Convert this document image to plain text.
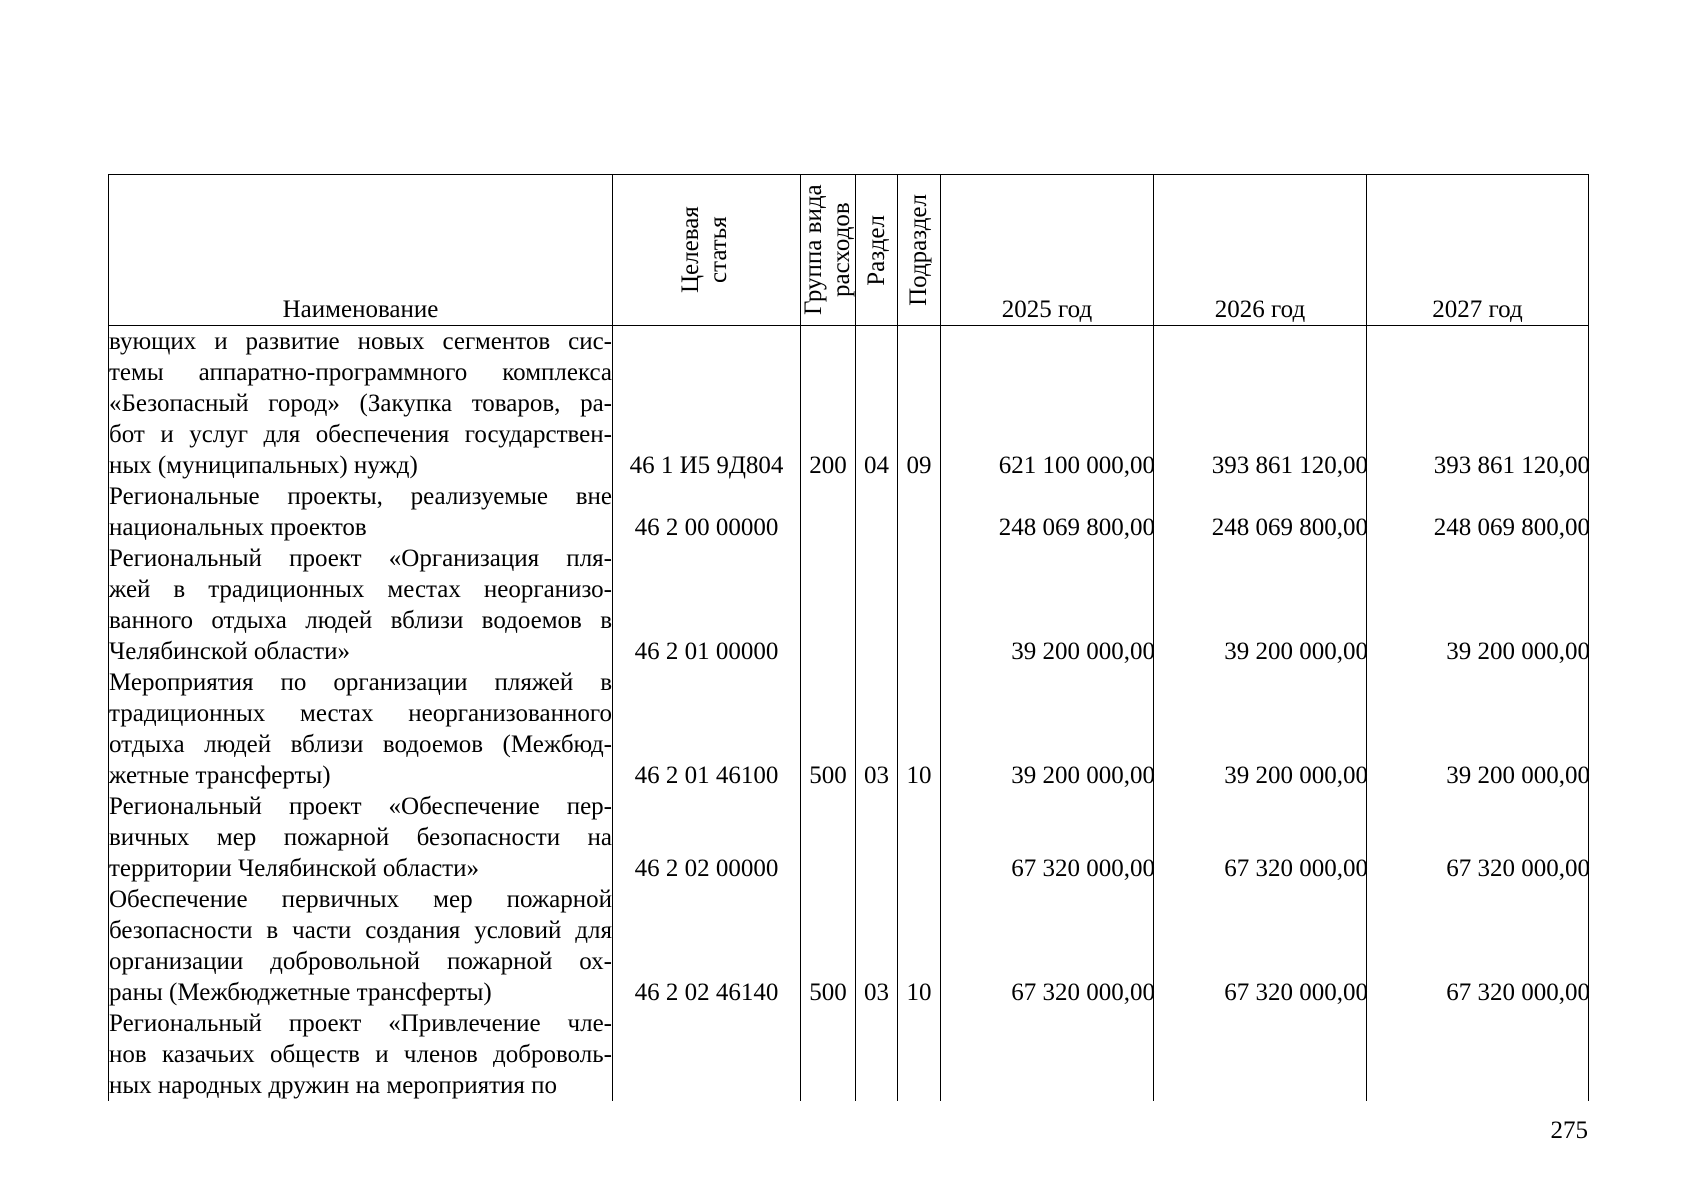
Наименование	Целевая статья	Группа вида расходов	Раздел	Подраздел	2025 год	2026 год	2027 год

вующих и развитие новых сегментов сис-
темы аппаратно-программного комплекса
«Безопасный город» (Закупка товаров, ра-
бот и услуг для обеспечения государствен-
ных (муниципальных) нужд)	46 1 И5 9Д804	200	04	09	621 100 000,00	393 861 120,00	393 861 120,00

Региональные проекты, реализуемые вне
национальных проектов	46 2 00 00000				248 069 800,00	248 069 800,00	248 069 800,00

Региональный проект «Организация пля-
жей в традиционных местах неорганизо-
ванного отдыха людей вблизи водоемов в
Челябинской области»	46 2 01 00000				39 200 000,00	39 200 000,00	39 200 000,00

Мероприятия по организации пляжей в
традиционных местах неорганизованного
отдыха людей вблизи водоемов (Межбюд-
жетные трансферты)	46 2 01 46100	500	03	10	39 200 000,00	39 200 000,00	39 200 000,00

Региональный проект «Обеспечение пер-
вичных мер пожарной безопасности на
территории Челябинской области»	46 2 02 00000				67 320 000,00	67 320 000,00	67 320 000,00

Обеспечение первичных мер пожарной
безопасности в части создания условий для
организации добровольной пожарной ох-
раны (Межбюджетные трансферты)	46 2 02 46140	500	03	10	67 320 000,00	67 320 000,00	67 320 000,00

Региональный проект «Привлечение чле-
нов казачьих обществ и членов доброволь-
ных народных дружин на мероприятия по							

275
